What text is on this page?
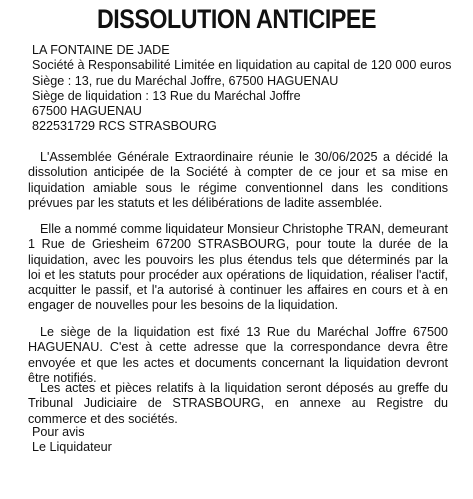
DISSOLUTION ANTICIPEE
LA FONTAINE DE JADE
Société à Responsabilité Limitée en liquidation au capital de 120 000 euros
Siège : 13, rue du Maréchal Joffre, 67500 HAGUENAU
Siège de liquidation : 13 Rue du Maréchal Joffre
67500 HAGUENAU
822531729 RCS STRASBOURG

L'Assemblée Générale Extraordinaire réunie le 30/06/2025 a décidé la dissolution anticipée de la Société à compter de ce jour et sa mise en liquidation amiable sous le régime conventionnel dans les conditions prévues par les statuts et les délibérations de ladite assemblée.

Elle a nommé comme liquidateur Monsieur Christophe TRAN, demeurant 1 Rue de Griesheim 67200 STRASBOURG, pour toute la durée de la liquidation, avec les pouvoirs les plus étendus tels que déterminés par la loi et les statuts pour procéder aux opérations de liquidation, réaliser l'actif, acquitter le passif, et l'a autorisé à continuer les affaires en cours et à en engager de nouvelles pour les besoins de la liquidation.

Le siège de la liquidation est fixé 13 Rue du Maréchal Joffre 67500 HAGUENAU. C'est à cette adresse que la correspondance devra être envoyée et que les actes et documents concernant la liquidation devront être notifiés.

Les actes et pièces relatifs à la liquidation seront déposés au greffe du Tribunal Judiciaire de STRASBOURG, en annexe au Registre du commerce et des sociétés.

Pour avis
Le Liquidateur
